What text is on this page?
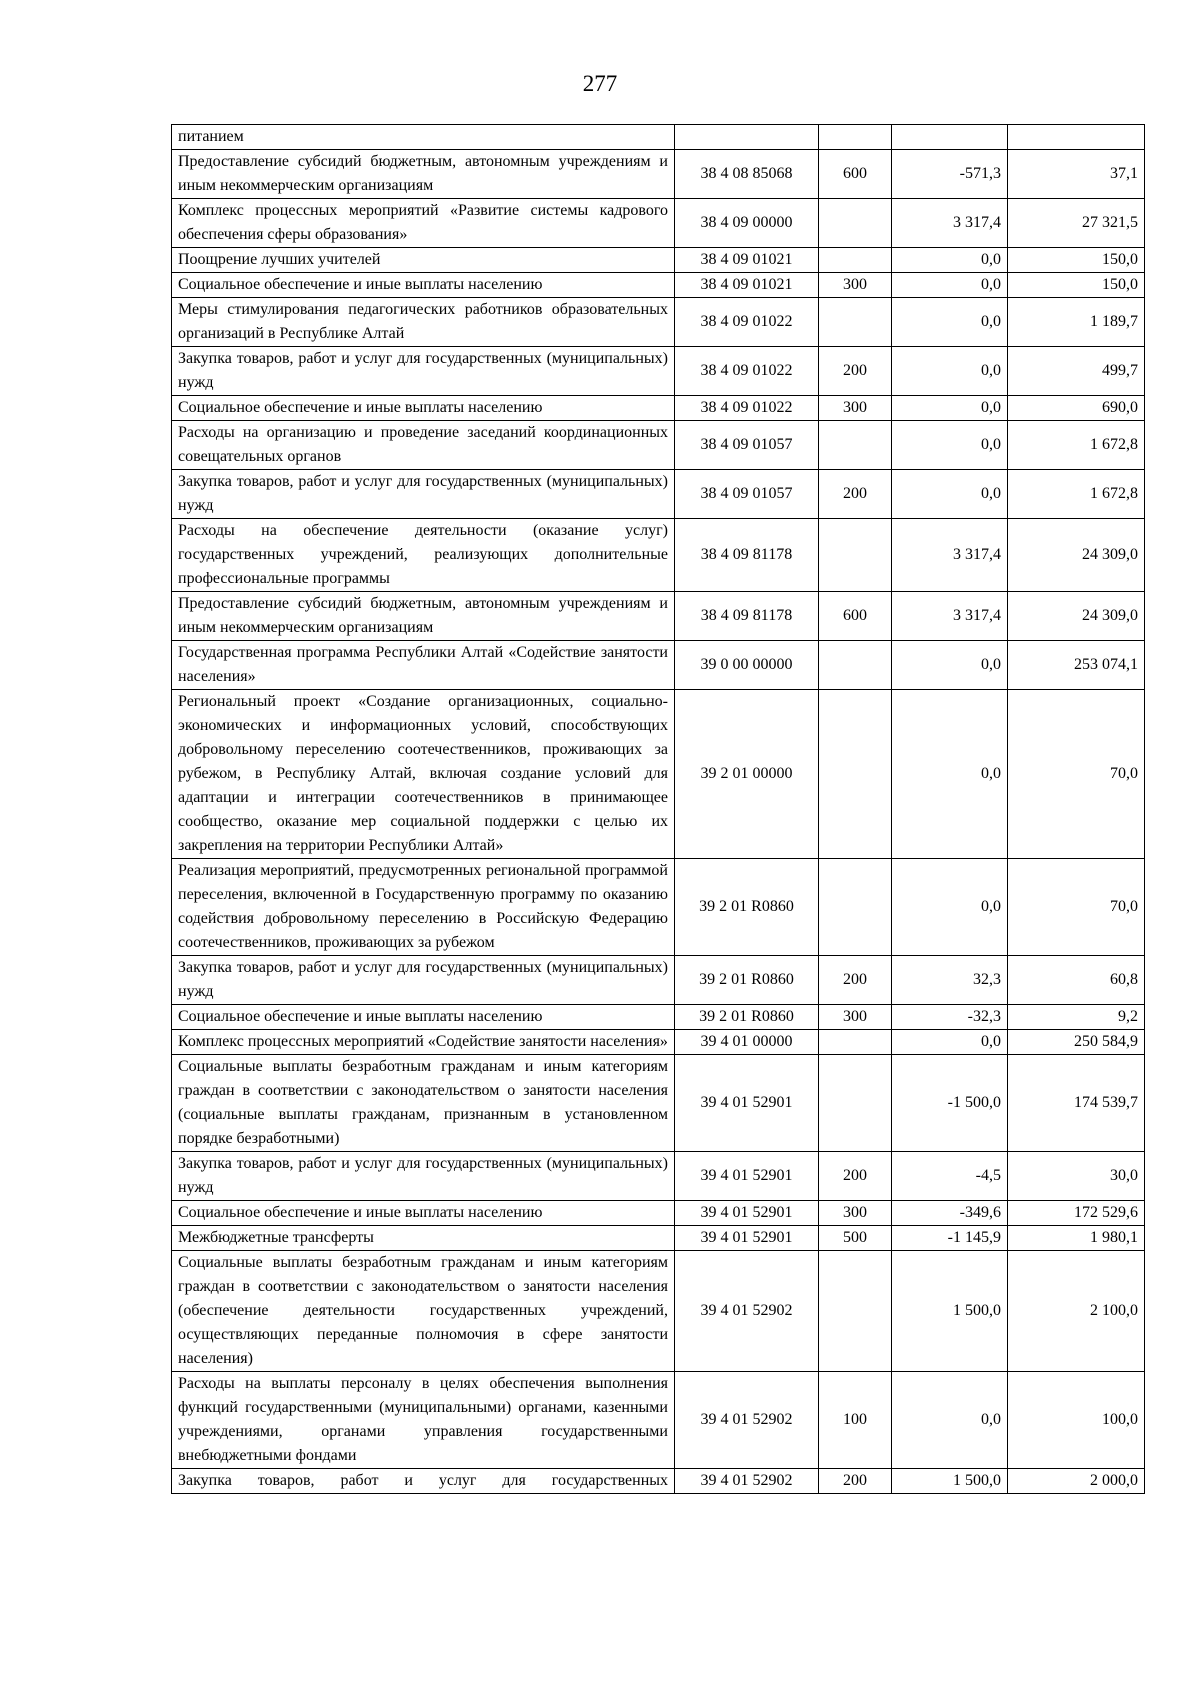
277
питанием				
Предоставление субсидий бюджетным, автономным учреждениям и иным некоммерческим организациям	38 4 08 85068	600	-571,3	37,1
Комплекс процессных мероприятий «Развитие системы кадрового обеспечения сферы образования»	38 4 09 00000		3 317,4	27 321,5
Поощрение лучших учителей	38 4 09 01021		0,0	150,0
Социальное обеспечение и иные выплаты населению	38 4 09 01021	300	0,0	150,0
Меры стимулирования педагогических работников образовательных организаций в Республике Алтай	38 4 09 01022		0,0	1 189,7
Закупка товаров, работ и услуг для государственных (муниципальных) нужд	38 4 09 01022	200	0,0	499,7
Социальное обеспечение и иные выплаты населению	38 4 09 01022	300	0,0	690,0
Расходы на организацию и проведение заседаний координационных совещательных органов	38 4 09 01057		0,0	1 672,8
Закупка товаров, работ и услуг для государственных (муниципальных) нужд	38 4 09 01057	200	0,0	1 672,8
Расходы на обеспечение деятельности (оказание услуг) государственных учреждений, реализующих дополнительные профессиональные программы	38 4 09 81178		3 317,4	24 309,0
Предоставление субсидий бюджетным, автономным учреждениям и иным некоммерческим организациям	38 4 09 81178	600	3 317,4	24 309,0
Государственная программа Республики Алтай «Содействие занятости населения»	39 0 00 00000		0,0	253 074,1
Региональный проект «Создание организационных, социально-экономических и информационных условий, способствующих добровольному переселению соотечественников, проживающих за рубежом, в Республику Алтай, включая создание условий для адаптации и интеграции соотечественников в принимающее сообщество, оказание мер социальной поддержки с целью их закрепления на территории Республики Алтай»	39 2 01 00000		0,0	70,0
Реализация мероприятий, предусмотренных региональной программой переселения, включенной в Государственную программу по оказанию содействия добровольному переселению в Российскую Федерацию соотечественников, проживающих за рубежом	39 2 01 R0860		0,0	70,0
Закупка товаров, работ и услуг для государственных (муниципальных) нужд	39 2 01 R0860	200	32,3	60,8
Социальное обеспечение и иные выплаты населению	39 2 01 R0860	300	-32,3	9,2
Комплекс процессных мероприятий «Содействие занятости населения»	39 4 01 00000		0,0	250 584,9
Социальные выплаты безработным гражданам и иным категориям граждан в соответствии с законодательством о занятости населения (социальные выплаты гражданам, признанным в установленном порядке безработными)	39 4 01 52901		-1 500,0	174 539,7
Закупка товаров, работ и услуг для государственных (муниципальных) нужд	39 4 01 52901	200	-4,5	30,0
Социальное обеспечение и иные выплаты населению	39 4 01 52901	300	-349,6	172 529,6
Межбюджетные трансферты	39 4 01 52901	500	-1 145,9	1 980,1
Социальные выплаты безработным гражданам и иным категориям граждан в соответствии с законодательством о занятости населения (обеспечение деятельности государственных учреждений, осуществляющих переданные полномочия в сфере занятости населения)	39 4 01 52902		1 500,0	2 100,0
Расходы на выплаты персоналу в целях обеспечения выполнения функций государственными (муниципальными) органами, казенными учреждениями, органами управления государственными внебюджетными фондами	39 4 01 52902	100	0,0	100,0
Закупка товаров, работ и услуг для государственных	39 4 01 52902	200	1 500,0	2 000,0
